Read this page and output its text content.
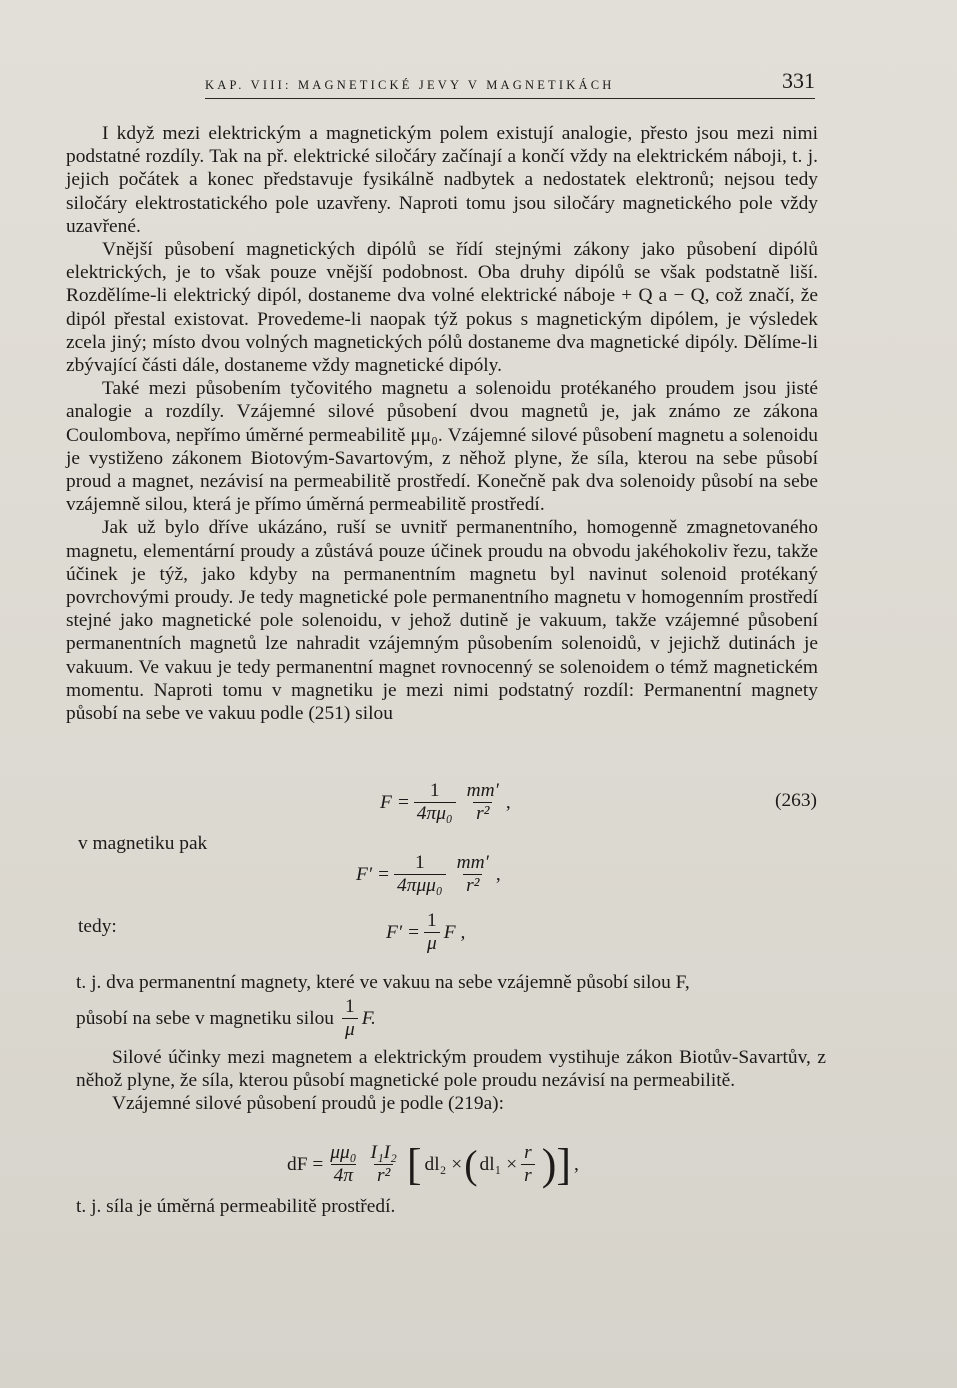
KAP. VIII: MAGNETICKÉ JEVY V MAGNETIKÁCH	331

I když mezi elektrickým a magnetickým polem existují analogie, přesto jsou mezi nimi podstatné rozdíly. Tak na př. elektrické siločáry začínají a končí vždy na elektrickém náboji, t. j. jejich počátek a konec představuje fysikálně nadbytek a nedostatek elektronů; nejsou tedy siločáry elektrostatického pole uzavřeny. Naproti tomu jsou siločáry magnetického pole vždy uzavřené.

Vnější působení magnetických dipólů se řídí stejnými zákony jako působení dipólů elektrických, je to však pouze vnější podobnost. Oba druhy dipólů se však podstatně liší. Rozdělíme-li elektrický dipól, dostaneme dva volné elektrické náboje + Q a − Q, což značí, že dipól přestal existovat. Provedeme-li naopak týž pokus s magnetickým dipólem, je výsledek zcela jiný; místo dvou volných magnetických pólů dostaneme dva magnetické dipóly. Dělíme-li zbývající části dále, dostaneme vždy magnetické dipóly.

Také mezi působením tyčovitého magnetu a solenoidu protékaného proudem jsou jisté analogie a rozdíly. Vzájemné silové působení dvou magnetů je, jak známo ze zákona Coulombova, nepřímo úměrné permeabilitě μμ₀. Vzájemné silové působení magnetu a solenoidu je vystiženo zákonem Biotovým-Savartovým, z něhož plyne, že síla, kterou na sebe působí proud a magnet, nezávisí na permeabilitě prostředí. Konečně pak dva solenoidy působí na sebe vzájemně silou, která je přímo úměrná permeabilitě prostředí.

Jak už bylo dříve ukázáno, ruší se uvnitř permanentního, homogenně zmagnetovaného magnetu, elementární proudy a zůstává pouze účinek proudu na obvodu jakéhokoliv řezu, takže účinek je týž, jako kdyby na permanentním magnetu byl navinut solenoid protékaný povrchovými proudy. Je tedy magnetické pole permanentního magnetu v homogenním prostředí stejné jako magnetické pole solenoidu, v jehož dutině je vakuum, takže vzájemné působení permanentních magnetů lze nahradit vzájemným působením solenoidů, v jejichž dutinách je vakuum. Ve vakuu je tedy permanentní magnet rovnocenný se solenoidem o témž magnetickém momentu. Naproti tomu v magnetiku je mezi nimi podstatný rozdíl: Permanentní magnety působí na sebe ve vakuu podle (251) silou

$F = \frac{1}{\text{4πμ₀}} \frac{mm'}{\text{r²}}$ ,	(263)
v magnetiku pak
$F' = \frac{1}{\text{4πμμ₀}} \frac{mm'}{\text{r²}}$ ,
tedy:	$F' = \frac{1}{\mu}$ F ,
t. j. dva permanentní magnety, které ve vakuu na sebe vzájemně působí silou F,
působí na sebe v magnetiku silou $\frac{1}{\mu} F$.

Silové účinky mezi magnetem a elektrickým proudem vystihuje zákon Biotův-Savartův, z něhož plyne, že síla, kterou působí magnetické pole proudu nezávisí na permeabilitě.

Vzájemné silové působení proudů je podle (219a):

dF = $\frac{\text{μμ₀}}{4\pi} \frac{\text{I₁I₂}}{\text{r²}}$ [ dl₂ × ( $dl_1 \times \frac{r}{r}$ )] ,
t. j. síla je úměrná permeabilitě prostředí.
